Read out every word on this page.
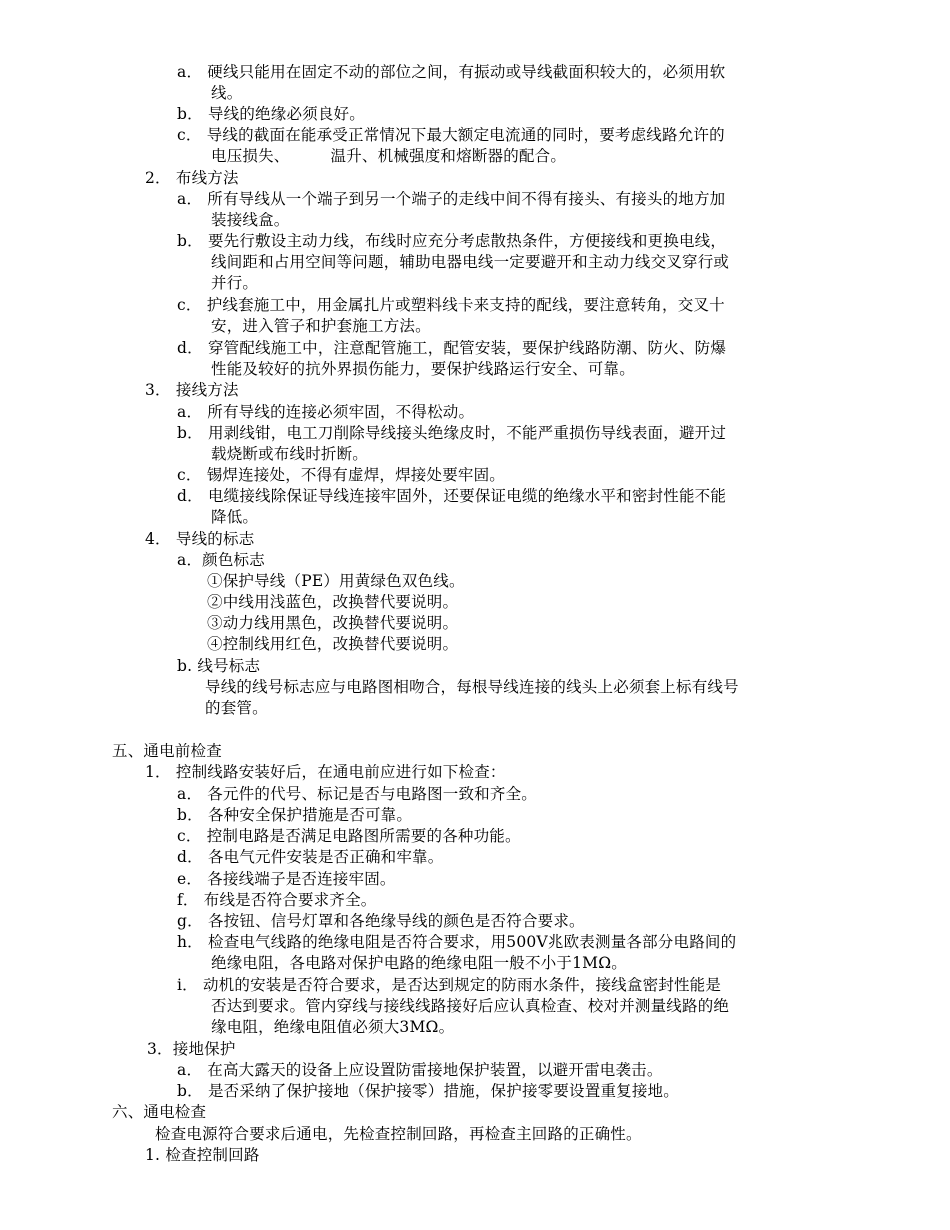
a． 硬线只能用在固定不动的部位之间，有振动或导线截面积较大的，必须用软
线。
b． 导线的绝缘必须良好。
c． 导线的截面在能承受正常情况下最大额定电流通的同时，要考虑线路允许的
电压损失、        温升、机械强度和熔断器的配合。
2． 布线方法
a． 所有导线从一个端子到另一个端子的走线中间不得有接头、有接头的地方加
装接线盒。
b． 要先行敷设主动力线，布线时应充分考虑散热条件，方便接线和更换电线，
线间距和占用空间等问题，辅助电器电线一定要避开和主动力线交叉穿行或
并行。
c． 护线套施工中，用金属扎片或塑料线卡来支持的配线，要注意转角，交叉十
安，进入管子和护套施工方法。
d． 穿管配线施工中，注意配管施工，配管安装，要保护线路防潮、防火、防爆
性能及较好的抗外界损伤能力，要保护线路运行安全、可靠。
3． 接线方法
a． 所有导线的连接必须牢固，不得松动。
b． 用剥线钳，电工刀削除导线接头绝缘皮时，不能严重损伤导线表面，避开过
载烧断或布线时折断。
c． 锡焊连接处，不得有虚焊，焊接处要牢固。
d． 电缆接线除保证导线连接牢固外，还要保证电缆的绝缘水平和密封性能不能
降低。
4． 导线的标志
a．颜色标志
①保护导线（PE）用黄绿色双色线。
②中线用浅蓝色，改换替代要说明。
③动力线用黑色，改换替代要说明。
④控制线用红色，改换替代要说明。
b. 线号标志
导线的线号标志应与电路图相吻合，每根导线连接的线头上必须套上标有线号
的套管。
五、通电前检查
1． 控制线路安装好后，在通电前应进行如下检查：
a． 各元件的代号、标记是否与电路图一致和齐全。
b． 各种安全保护措施是否可靠。
c． 控制电路是否满足电路图所需要的各种功能。
d． 各电气元件安装是否正确和牢靠。
e． 各接线端子是否连接牢固。
f． 布线是否符合要求齐全。
g． 各按钮、信号灯罩和各绝缘导线的颜色是否符合要求。
h． 检查电气线路的绝缘电阻是否符合要求，用500V兆欧表测量各部分电路间的
绝缘电阻，各电路对保护电路的绝缘电阻一般不小于1MΩ。
i． 动机的安装是否符合要求，是否达到规定的防雨水条件，接线盒密封性能是
否达到要求。管内穿线与接线线路接好后应认真检查、校对并测量线路的绝
缘电阻，绝缘电阻值必须大3MΩ。
3．接地保护
a． 在高大露天的设备上应设置防雷接地保护装置，以避开雷电袭击。
b． 是否采纳了保护接地（保护接零）措施，保护接零要设置重复接地。
六、通电检查
检查电源符合要求后通电，先检查控制回路，再检查主回路的正确性。
1. 检查控制回路
